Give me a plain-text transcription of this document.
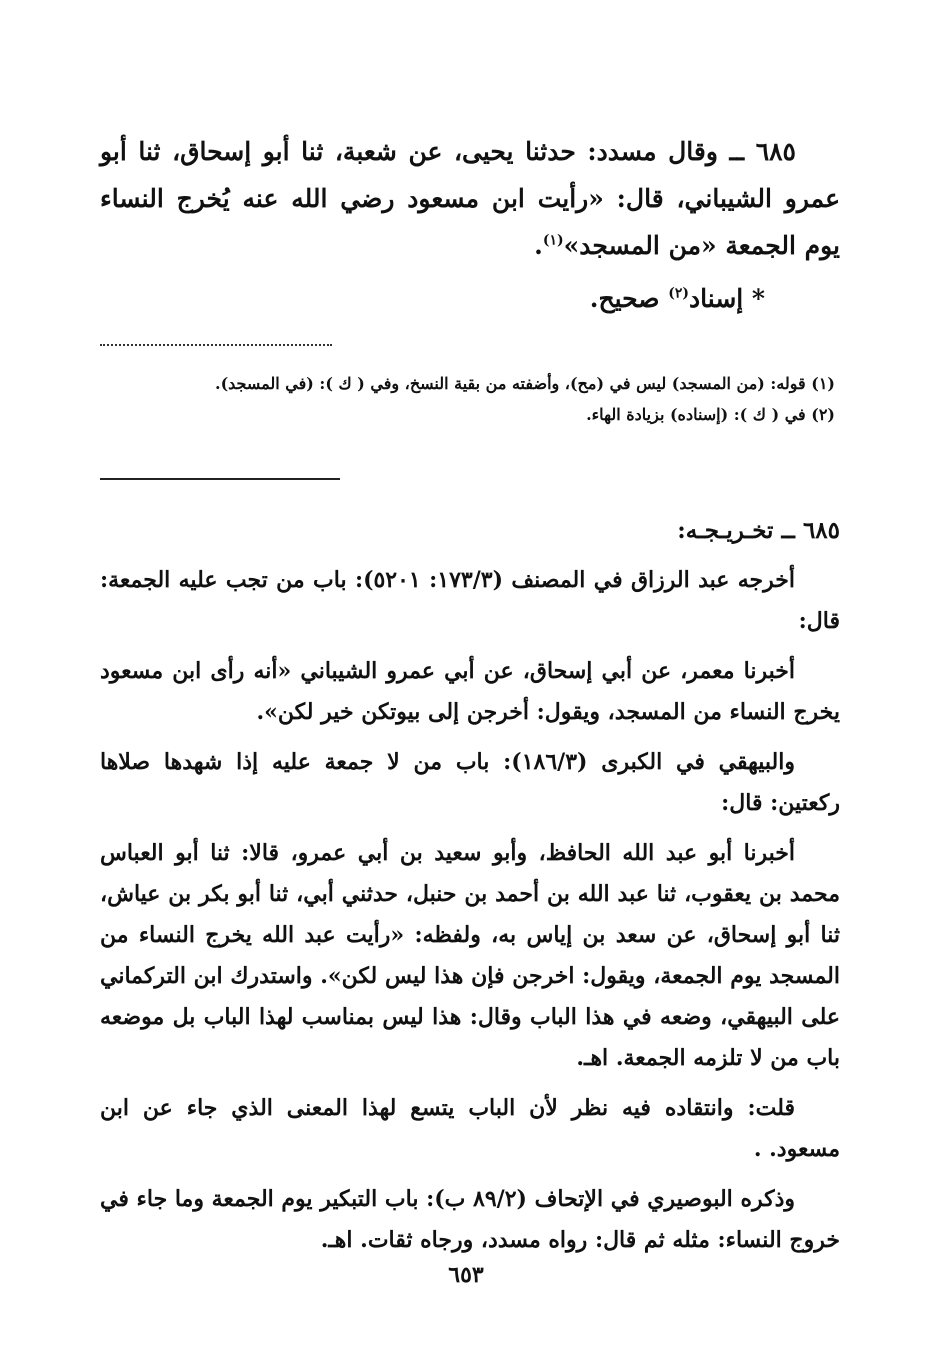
٦٨٥ ــ وقال مسدد: حدثنا يحيى، عن شعبة، ثنا أبو إسحاق، ثنا أبو عمرو الشيباني، قال: «رأيت ابن مسعود رضي الله عنه يُخرج النساء يوم الجمعة «من المسجد»$^{(١)}$.

* إسناد$^{(٢)}$ صحيح.

(١) قوله: (من المسجد) ليس في (مح)، وأضفته من بقية النسخ، وفي ( ك ): (في المسجد).

(٢) في ( ك ): (إسناده) بزيادة الهاء.

٦٨٥ ــ تخـريـجـه:

أخرجه عبد الرزاق في المصنف (١٧٣/٣: ٥٢٠١): باب من تجب عليه الجمعة: قال:

أخبرنا معمر، عن أبي إسحاق، عن أبي عمرو الشيباني «أنه رأى ابن مسعود يخرج النساء من المسجد، ويقول: أخرجن إلى بيوتكن خير لكن».

والبيهقي في الكبرى (١٨٦/٣): باب من لا جمعة عليه إذا شهدها صلاها ركعتين: قال:

أخبرنا أبو عبد الله الحافظ، وأبو سعيد بن أبي عمرو، قالا: ثنا أبو العباس محمد بن يعقوب، ثنا عبد الله بن أحمد بن حنبل، حدثني أبي، ثنا أبو بكر بن عياش، ثنا أبو إسحاق، عن سعد بن إياس به، ولفظه: «رأيت عبد الله يخرج النساء من المسجد يوم الجمعة، ويقول: اخرجن فإن هذا ليس لكن». واستدرك ابن التركماني على البيهقي، وضعه في هذا الباب وقال: هذا ليس بمناسب لهذا الباب بل موضعه باب من لا تلزمه الجمعة. اهـ.

قلت: وانتقاده فيه نظر لأن الباب يتسع لهذا المعنى الذي جاء عن ابن مسعود. .

وذكره البوصيري في الإتحاف (٨٩/٢ ب): باب التبكير يوم الجمعة وما جاء في خروج النساء: مثله ثم قال: رواه مسدد، ورجاه ثقات. اهـ.

٦٥٣
